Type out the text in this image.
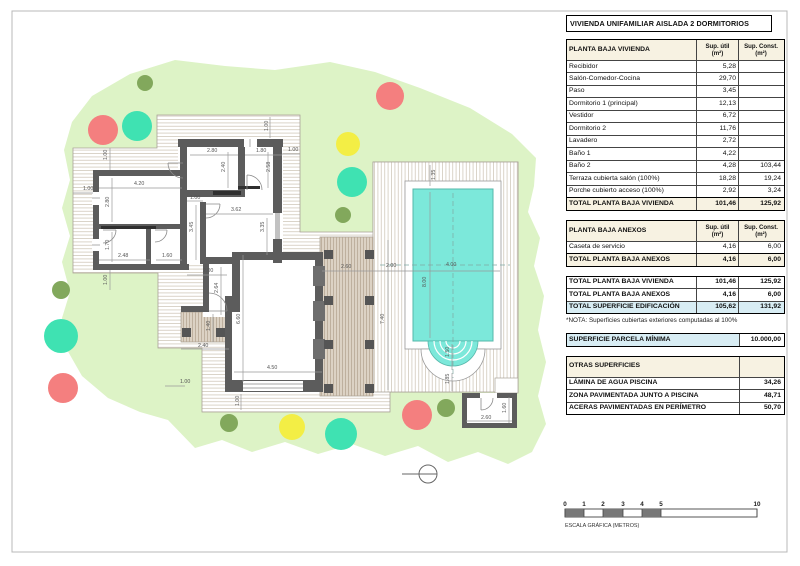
1.00
1.00
4.20
2.80
1.70
2.48	1.60
1.00
2.80	1.80	1.00
2.40	2.58
1.00
1.00
3.45
3.62
3.35
2.00
2.64
6.60
4.50
1.40
2.40
1.00
1.00
2.60	2.00	4.00
8.00
7.40
1.35
1.50
1.85
2.60
1.60
0 1 2	3 4 5	10
ESCALA GRÁFICA (METROS)
VIVIENDA UNIFAMILIAR AISLADA 2 DORMITORIOS
PLANTA BAJA VIVIENDA	Sup. útil
(m²)
Sup. Const.
(m²)
Recibidor	5,28
Salón-Comedor-Cocina	29,70
Paso	3,45
Dormitorio 1 (principal)	12,13
Vestidor	6,72
Dormitorio 2	11,76
Lavadero	2,72
Baño 1	4,22
Baño 2	4,28	103,44
Terraza cubierta salón (100%)	18,28	19,24
Porche cubierto acceso (100%)	2,92	3,24
TOTAL PLANTA BAJA VIVIENDA	101,46	125,92
PLANTA BAJA ANEXOS	Sup. útil
(m²)
Sup. Const.
(m²)
Caseta de servicio	4,16	6,00
TOTAL PLANTA BAJA ANEXOS	4,16	6,00
TOTAL PLANTA BAJA VIVIENDA	101,46	125,92
TOTAL PLANTA BAJA ANEXOS	4,16	6,00
TOTAL SUPERFICIE EDIFICACIÓN	105,62	131,92
*NOTA: Superficies cubiertas exteriores computadas al 100%
SUPERFICIE PARCELA MÍNIMA	10.000,00
OTRAS SUPERFICIES
LÁMINA DE AGUA PISCINA	34,26
ZONA PAVIMENTADA JUNTO A PISCINA	48,71
ACERAS PAVIMENTADAS EN PERÍMETRO	50,70
